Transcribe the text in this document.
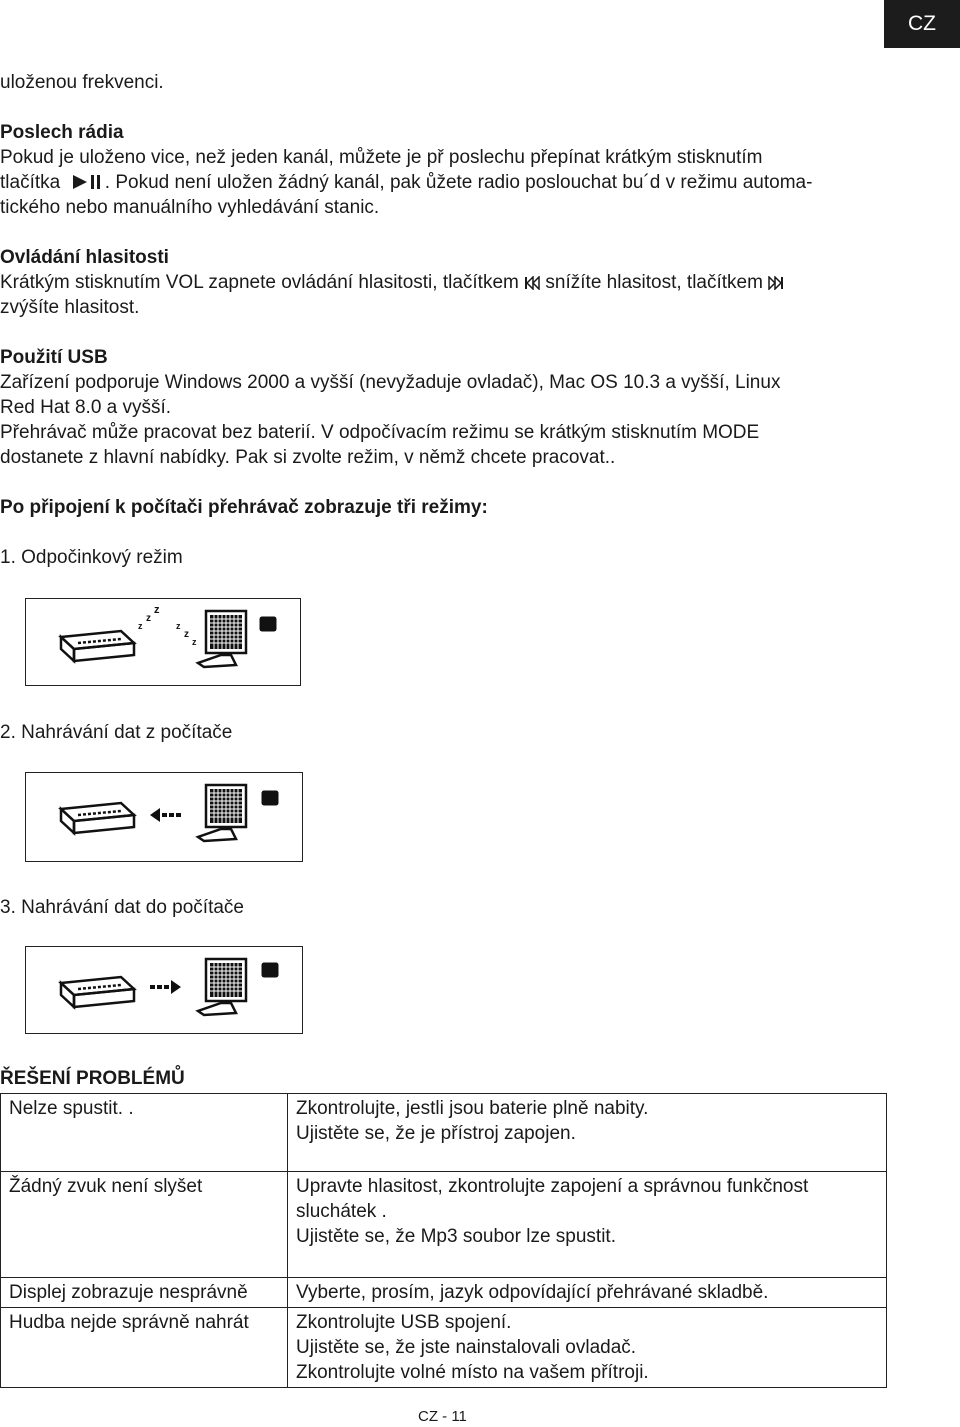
CZ

uloženou frekvenci.

Poslech rádia

Pokud je uloženo vice, než jeden kanál, můžete je př poslechu přepínat krátkým stisknutím

tlačítka . Pokud není uložen žádný kanál, pak ůžete radio poslouchat bu´d v režimu automa-

tického nebo manuálního vyhledávání stanic.

Ovládání hlasitosti

Krátkým stisknutím VOL zapnete ovládání hlasitosti, tlačítkem snížíte hlasitost, tlačítkem

zvýšíte hlasitost.

Použití USB

Zařízení podporuje Windows 2000 a vyšší (nevyžaduje ovladač), Mac OS 10.3 a vyšší, Linux

Red Hat 8.0 a vyšší.

Přehrávač může pracovat bez baterií. V odpočívacím režimu se krátkým stisknutím MODE

dostanete z hlavní nabídky. Pak si zvolte režim, v němž chcete pracovat..

Po připojení k počítači přehrávač zobrazuje tři režimy:

1. Odpočinkový režim

z
z
z
z
z
z

2. Nahrávání dat z počítače

3. Nahrávání dat do počítače

ŘEŠENÍ PROBLÉMŮ

Nelze spustit. .	Zkontrolujte, jestli jsou baterie plně nabity.
Ujistěte se, že je přístroj zapojen.

Žádný zvuk není slyšet	Upravte hlasitost, zkontrolujte zapojení a správnou funkčnost
sluchátek .
Ujistěte se, že Mp3 soubor lze spustit.

Displej zobrazuje nesprávně	Vyberte, prosím, jazyk odpovídající přehrávané skladbě.

Hudba nejde správně nahrát	Zkontrolujte USB spojení.
Ujistěte se, že jste nainstalovali ovladač.
Zkontrolujte volné místo na vašem přítroji.
CZ - 11
